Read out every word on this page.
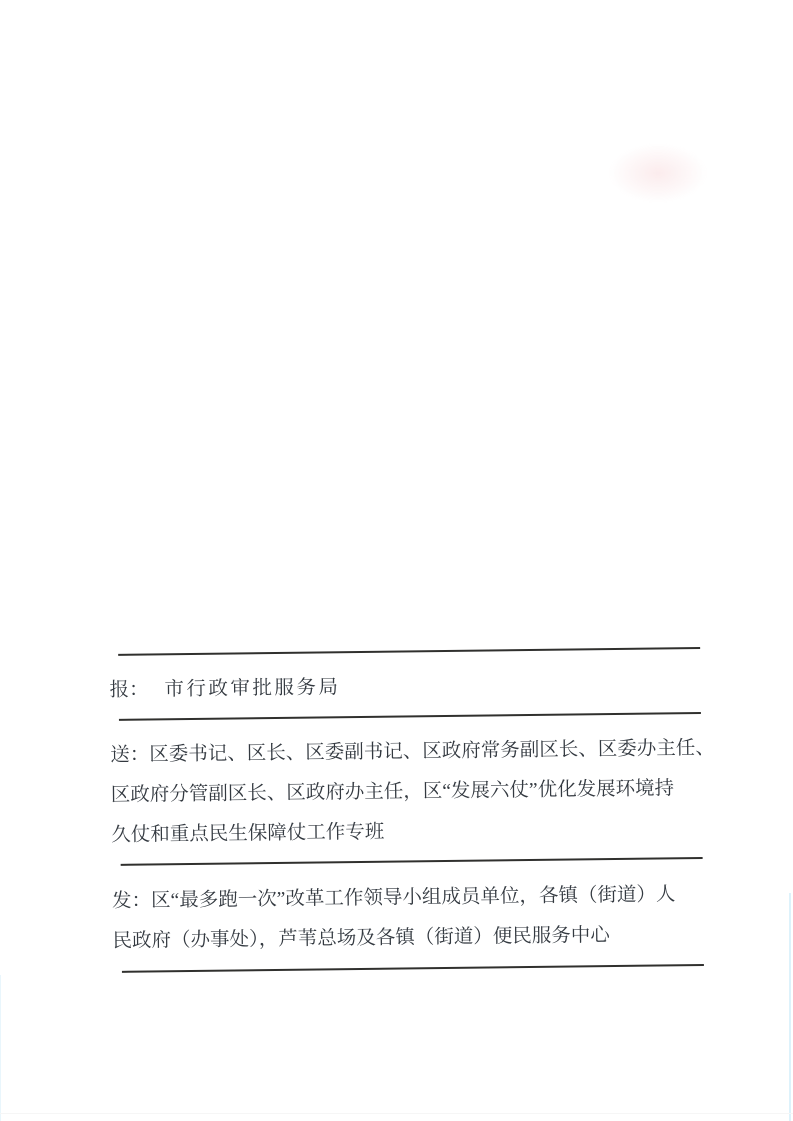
报： 市行政审批服务局

送：区委书记、区长、区委副书记、区政府常务副区长、区委办主任、
区政府分管副区长、区政府办主任，区“发展六仗”优化发展环境持
久仗和重点民生保障仗工作专班
发：区“最多跑一次”改革工作领导小组成员单位，各镇（街道）人
民政府（办事处），芦苇总场及各镇（街道）便民服务中心
